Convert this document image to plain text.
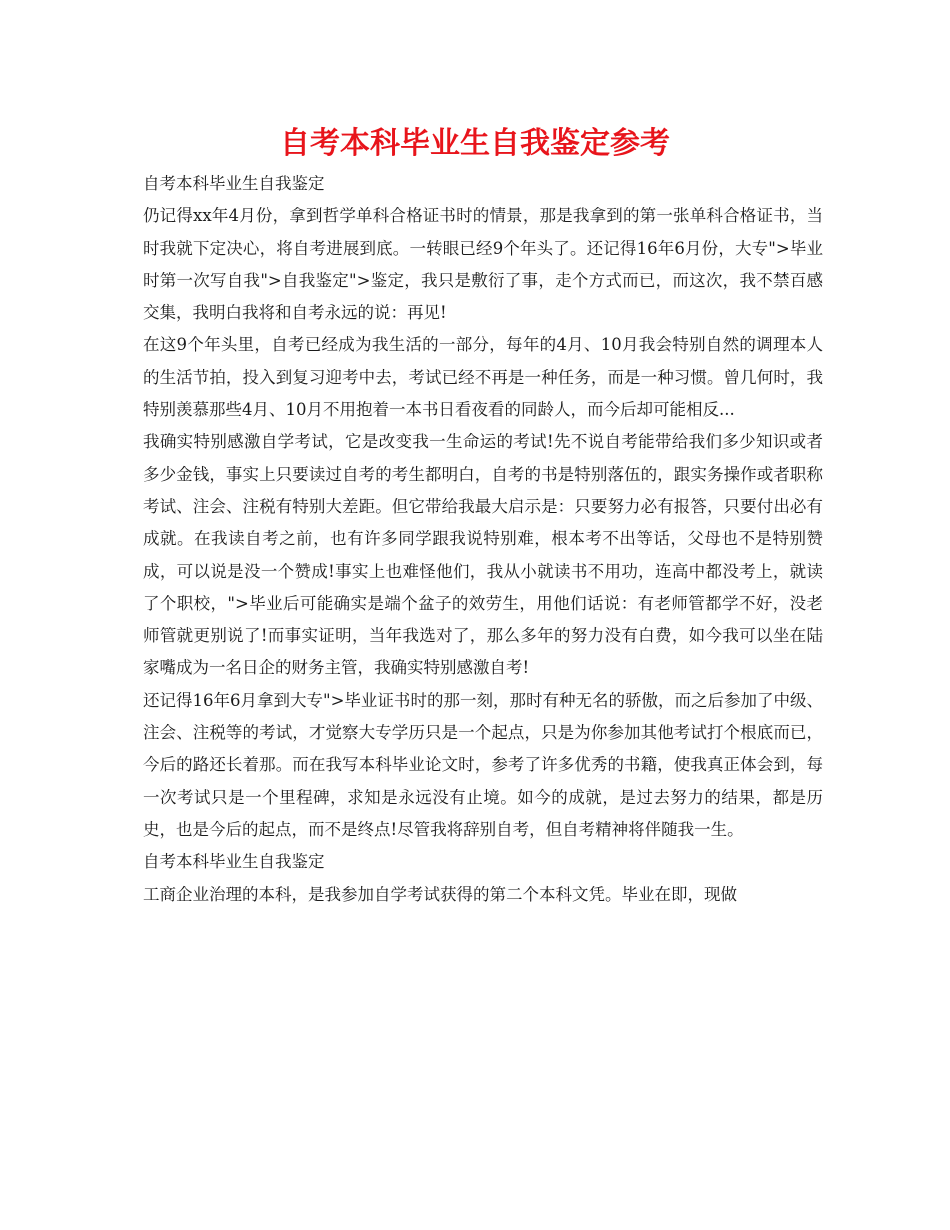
自考本科毕业生自我鉴定参考

自考本科毕业生自我鉴定

仍记得xx年4月份，拿到哲学单科合格证书时的情景，那是我拿到的第一张单科合格证书，当时我就下定决心，将自考进展到底。一转眼已经9个年头了。还记得16年6月份，大专">毕业时第一次写自我">自我鉴定">鉴定，我只是敷衍了事，走个方式而已，而这次，我不禁百感交集，我明白我将和自考永远的说：再见!

在这9个年头里，自考已经成为我生活的一部分，每年的4月、10月我会特别自然的调理本人的生活节拍，投入到复习迎考中去，考试已经不再是一种任务，而是一种习惯。曾几何时，我特别羡慕那些4月、10月不用抱着一本书日看夜看的同龄人，而今后却可能相反...

我确实特别感激自学考试，它是改变我一生命运的考试!先不说自考能带给我们多少知识或者多少金钱，事实上只要读过自考的考生都明白，自考的书是特别落伍的，跟实务操作或者职称考试、注会、注税有特别大差距。但它带给我最大启示是：只要努力必有报答，只要付出必有成就。在我读自考之前，也有许多同学跟我说特别难，根本考不出等话，父母也不是特别赞成，可以说是没一个赞成!事实上也难怪他们，我从小就读书不用功，连高中都没考上，就读了个职校，">毕业后可能确实是端个盆子的效劳生，用他们话说：有老师管都学不好，没老师管就更别说了!而事实证明，当年我选对了，那么多年的努力没有白费，如今我可以坐在陆家嘴成为一名日企的财务主管，我确实特别感激自考!

还记得16年6月拿到大专">毕业证书时的那一刻，那时有种无名的骄傲，而之后参加了中级、注会、注税等的考试，才觉察大专学历只是一个起点，只是为你参加其他考试打个根底而已，今后的路还长着那。而在我写本科毕业论文时，参考了许多优秀的书籍，使我真正体会到，每一次考试只是一个里程碑，求知是永远没有止境。如今的成就，是过去努力的结果，都是历史，也是今后的起点，而不是终点!尽管我将辞别自考，但自考精神将伴随我一生。

自考本科毕业生自我鉴定

工商企业治理的本科，是我参加自学考试获得的第二个本科文凭。毕业在即，现做
